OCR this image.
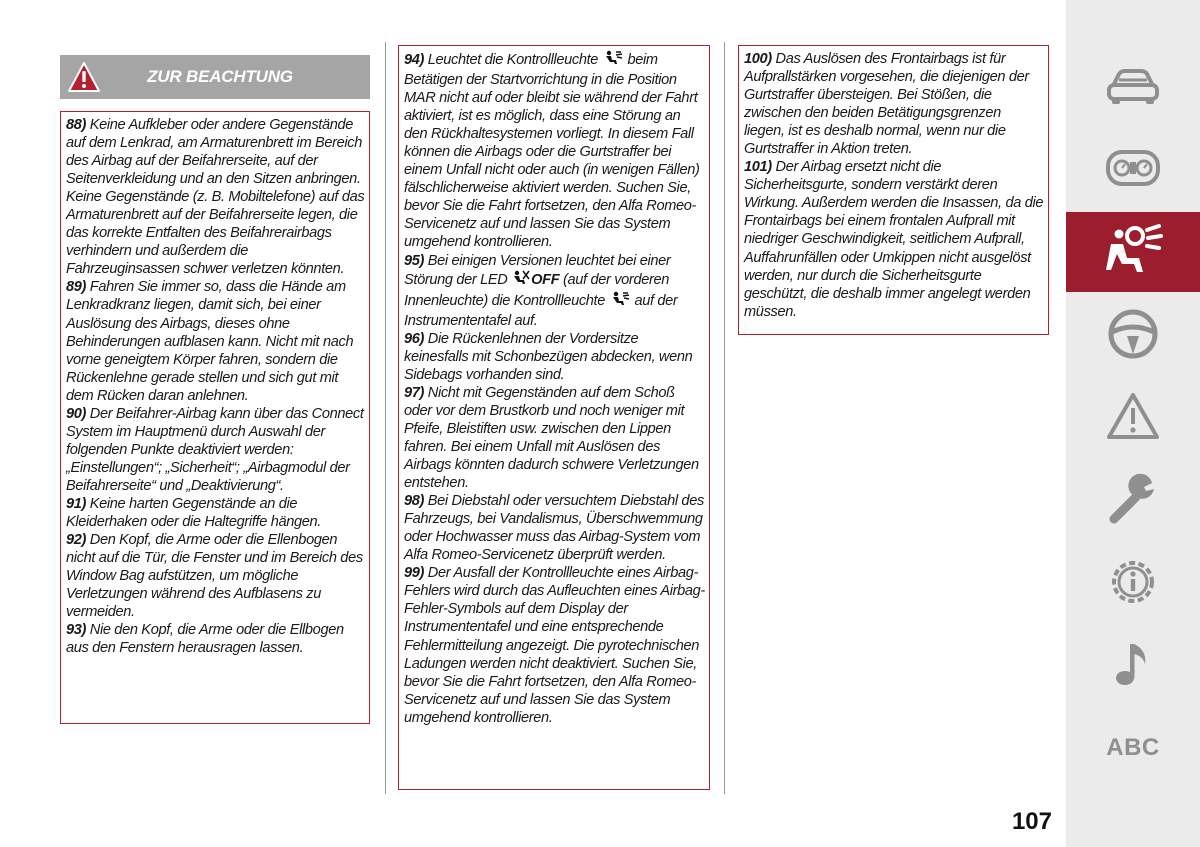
ZUR BEACHTUNG

88) Keine Aufkleber oder andere Gegenstände auf dem Lenkrad, am Armaturenbrett im Bereich des Airbag auf der Beifahrerseite, auf der Seitenverkleidung und an den Sitzen anbringen. Keine Gegenstände (z. B. Mobiltelefone) auf das Armaturenbrett auf der Beifahrerseite legen, die das korrekte Entfalten des Beifahrerairbags verhindern und außerdem die Fahrzeuginsassen schwer verletzen könnten.

89) Fahren Sie immer so, dass die Hände am Lenkradkranz liegen, damit sich, bei einer Auslösung des Airbags, dieses ohne Behinderungen aufblasen kann. Nicht mit nach vorne geneigtem Körper fahren, sondern die Rückenlehne gerade stellen und sich gut mit dem Rücken daran anlehnen.

90) Der Beifahrer-Airbag kann über das Connect System im Hauptmenü durch Auswahl der folgenden Punkte deaktiviert werden: „Einstellungen“; „Sicherheit“; „Airbagmodul der Beifahrerseite“ und „Deaktivierung“.

91) Keine harten Gegenstände an die Kleiderhaken oder die Haltegriffe hängen.

92) Den Kopf, die Arme oder die Ellenbogen nicht auf die Tür, die Fenster und im Bereich des Window Bag aufstützen, um mögliche Verletzungen während des Aufblasens zu vermeiden.

93) Nie den Kopf, die Arme oder die Ellbogen aus den Fenstern herausragen lassen.

94) Leuchtet die Kontrollleuchte  beim Betätigen der Startvorrichtung in die Position MAR nicht auf oder bleibt sie während der Fahrt aktiviert, ist es möglich, dass eine Störung an den Rückhaltesystemen vorliegt. In diesem Fall können die Airbags oder die Gurtstraffer bei einem Unfall nicht oder auch (in wenigen Fällen) fälschlicherweise aktiviert werden. Suchen Sie, bevor Sie die Fahrt fortsetzen, den Alfa Romeo-Servicenetz auf und lassen Sie das System umgehend kontrollieren.

95) Bei einigen Versionen leuchtet bei einer Störung der LED OFF (auf der vorderen Innenleuchte) die Kontrollleuchte  auf der Instrumententafel auf.

96) Die Rückenlehnen der Vordersitze keinesfalls mit Schonbezügen abdecken, wenn Sidebags vorhanden sind.

97) Nicht mit Gegenständen auf dem Schoß oder vor dem Brustkorb und noch weniger mit Pfeife, Bleistiften usw. zwischen den Lippen fahren. Bei einem Unfall mit Auslösen des Airbags könnten dadurch schwere Verletzungen entstehen.

98) Bei Diebstahl oder versuchtem Diebstahl des Fahrzeugs, bei Vandalismus, Überschwemmung oder Hochwasser muss das Airbag-System vom Alfa Romeo-Servicenetz überprüft werden.

99) Der Ausfall der Kontrollleuchte eines Airbag-Fehlers wird durch das Aufleuchten eines Airbag-Fehler-Symbols auf dem Display der Instrumententafel und eine entsprechende Fehlermitteilung angezeigt. Die pyrotechnischen Ladungen werden nicht deaktiviert. Suchen Sie, bevor Sie die Fahrt fortsetzen, den Alfa Romeo-Servicenetz auf und lassen Sie das System umgehend kontrollieren.

100) Das Auslösen des Frontairbags ist für Aufprallstärken vorgesehen, die diejenigen der Gurtstraffer übersteigen. Bei Stößen, die zwischen den beiden Betätigungsgrenzen liegen, ist es deshalb normal, wenn nur die Gurtstraffer in Aktion treten.

101) Der Airbag ersetzt nicht die Sicherheitsgurte, sondern verstärkt deren Wirkung. Außerdem werden die Insassen, da die Frontairbags bei einem frontalen Aufprall mit niedriger Geschwindigkeit, seitlichem Aufprall, Auffahrunfällen oder Umkippen nicht ausgelöst werden, nur durch die Sicherheitsgurte geschützt, die deshalb immer angelegt werden müssen.

ABC
107
